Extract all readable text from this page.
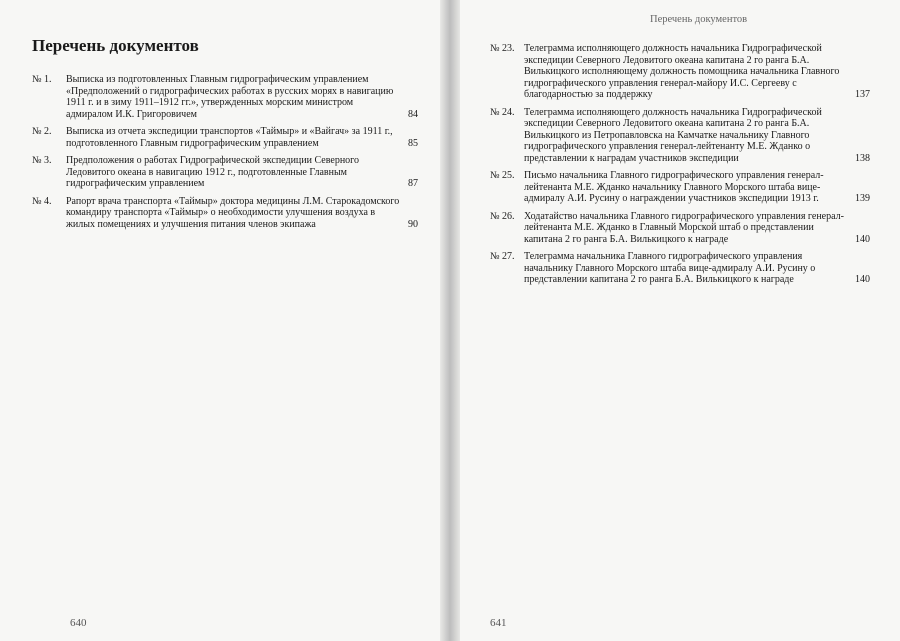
Перечень документов
№ 1.	Выписка из подготовленных Главным гидрографическим управлением «Предположений о гидрографических работах в русских морях в навигацию 1911 г. и в зиму 1911–1912 гг.», утвержденных морским министром адмиралом И.К. Григоровичем	84
№ 2.	Выписка из отчета экспедиции транспортов «Таймыр» и «Вайгач» за 1911 г., подготовленного Главным гидрографическим управлением	85
№ 3.	Предположения о работах Гидрографической экспедиции Северного Ледовитого океана в навигацию 1912 г., подготовленные Главным гидрографическим управлением	87
№ 4.	Рапорт врача транспорта «Таймыр» доктора медицины Л.М. Старокадомского командиру транспорта «Таймыр» о необходимости улучшения воздуха в жилых помещениях и улучшения питания членов экипажа	90
640
Перечень документов
№ 23. Телеграмма исполняющего должность начальника Гидрографической экспедиции Северного Ледовитого океана капитана 2 го ранга Б.А. Вилькицкого исполняющему должность помощника начальника Главного гидрографического управления генерал-майору И.С. Сергееву с благодарностью за поддержку	137
№ 24. Телеграмма исполняющего должность начальника Гидрографической экспедиции Северного Ледовитого океана капитана 2 го ранга Б.А. Вилькицкого из Петропавловска на Камчатке начальнику Главного гидрографического управления генерал-лейтенанту М.Е. Жданко о представлении к наградам участников экспедиции	138
№ 25. Письмо начальника Главного гидрографического управления генерал-лейтенанта М.Е. Жданко начальнику Главного Морского штаба вице-адмиралу А.И. Русину о награждении участников экспедиции 1913 г.	139
№ 26. Ходатайство начальника Главного гидрографического управления генерал-лейтенанта М.Е. Жданко в Главный Морской штаб о представлении капитана 2 го ранга Б.А. Вилькицкого к награде	140
№ 27. Телеграмма начальника Главного гидрографического управления начальнику Главного Морского штаба вице-адмиралу А.И. Русину о представлении капитана 2 го ранга Б.А. Вилькицкого к награде	140
641
